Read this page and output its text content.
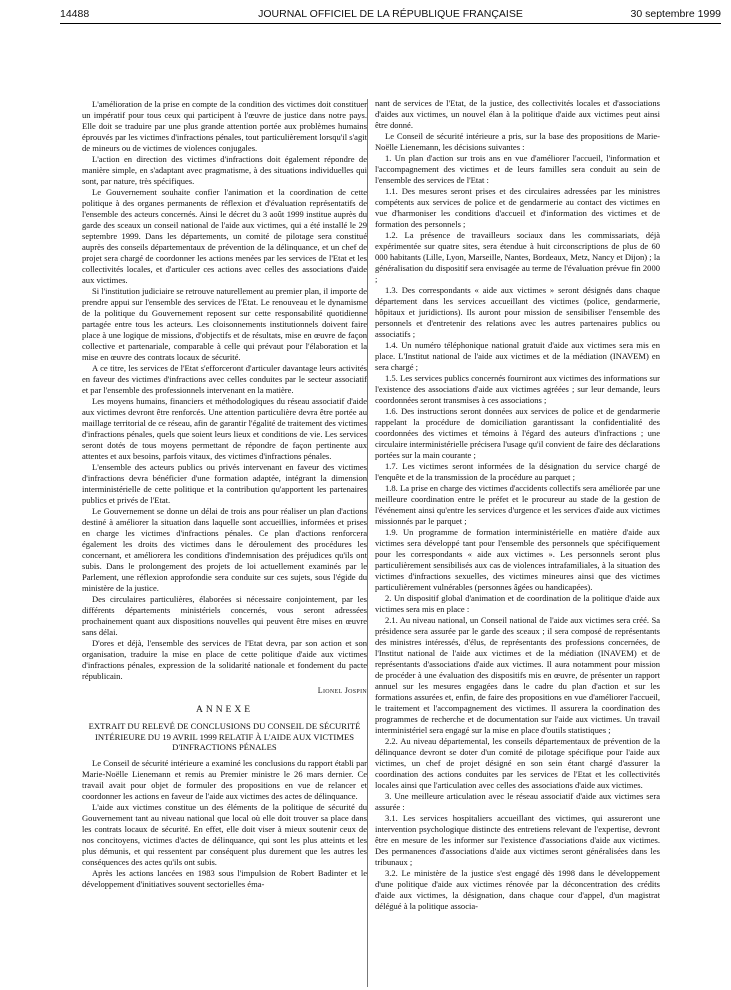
14488	JOURNAL OFFICIEL DE LA RÉPUBLIQUE FRANÇAISE	30 septembre 1999

L'amélioration de la prise en compte de la condition des victimes doit constituer un impératif pour tous ceux qui participent à l'œuvre de justice dans notre pays. Elle doit se traduire par une plus grande attention portée aux problèmes humains éprouvés par les victimes d'infractions pénales, tout particulièrement lorsqu'il s'agit de mineurs ou de victimes de violences conjugales.

L'action en direction des victimes d'infractions doit également répondre de manière simple, en s'adaptant avec pragmatisme, à des situations individuelles qui sont, par nature, très spécifiques.

Le Gouvernement souhaite confier l'animation et la coordination de cette politique à des organes permanents de réflexion et d'évaluation représentatifs de l'ensemble des acteurs concernés. Ainsi le décret du 3 août 1999 institue auprès du garde des sceaux un conseil national de l'aide aux victimes, qui a été installé le 29 septembre 1999. Dans les départements, un comité de pilotage sera constitué auprès des conseils départementaux de prévention de la délinquance, et un chef de projet sera chargé de coordonner les actions menées par les services de l'Etat et les collectivités locales, et d'articuler ces actions avec celles des associations d'aide aux victimes.

Si l'institution judiciaire se retrouve naturellement au premier plan, il importe de prendre appui sur l'ensemble des services de l'Etat. Le renouveau et le dynamisme de la politique du Gouvernement reposent sur cette responsabilité quotidienne partagée entre tous les acteurs. Les cloisonnements institutionnels doivent faire place à une logique de missions, d'objectifs et de résultats, mise en œuvre de façon collective et partenariale, comparable à celle qui prévaut pour l'élaboration et la mise en œuvre des contrats locaux de sécurité.

A ce titre, les services de l'Etat s'efforceront d'articuler davantage leurs activités en faveur des victimes d'infractions avec celles conduites par le secteur associatif et par l'ensemble des professionnels intervenant en la matière.

Les moyens humains, financiers et méthodologiques du réseau associatif d'aide aux victimes devront être renforcés. Une attention particulière devra être portée au maillage territorial de ce réseau, afin de garantir l'égalité de traitement des victimes d'infractions pénales, quels que soient leurs lieux et conditions de vie. Les services seront dotés de tous moyens permettant de répondre de façon pertinente aux attentes et aux besoins, parfois vitaux, des victimes d'infractions pénales.

L'ensemble des acteurs publics ou privés intervenant en faveur des victimes d'infractions devra bénéficier d'une formation adaptée, intégrant la dimension interministérielle de cette politique et la contribution qu'apportent les partenaires publics et privés de l'Etat.

Le Gouvernement se donne un délai de trois ans pour réaliser un plan d'actions destiné à améliorer la situation dans laquelle sont accueillies, informées et prises en charge les victimes d'infractions pénales. Ce plan d'actions renforcera également les droits des victimes dans le déroulement des procédures les concernant, et améliorera les conditions d'indemnisation des préjudices qu'ils ont subis. Dans le prolongement des projets de loi actuellement examinés par le Parlement, une réflexion approfondie sera conduite sur ces sujets, sous l'égide du ministère de la justice.

Des circulaires particulières, élaborées si nécessaire conjointement, par les différents départements ministériels concernés, vous seront adressées prochainement quant aux dispositions nouvelles qui peuvent être mises en œuvre sans délai.

D'ores et déjà, l'ensemble des services de l'Etat devra, par son action et son organisation, traduire la mise en place de cette politique d'aide aux victimes d'infractions pénales, expression de la solidarité nationale et fondement du pacte républicain.

Lionel Jospin
ANNEXE
EXTRAIT DU RELEVÉ DE CONCLUSIONS DU CONSEIL DE SÉCURITÉ INTÉRIEURE DU 19 AVRIL 1999 RELATIF À L'AIDE AUX VICTIMES D'INFRACTIONS PÉNALES

Le Conseil de sécurité intérieure a examiné les conclusions du rapport établi par Marie-Noëlle Lienemann et remis au Premier ministre le 26 mars dernier. Ce travail avait pour objet de formuler des propositions en vue de relancer et coordonner les actions en faveur de l'aide aux victimes des actes de délinquance.

L'aide aux victimes constitue un des éléments de la politique de sécurité du Gouvernement tant au niveau national que local où elle doit trouver sa place dans les contrats locaux de sécurité. En effet, elle doit viser à mieux soutenir ceux de nos concitoyens, victimes d'actes de délinquance, qui sont les plus atteints et les plus démunis, et qui ressentent par conséquent plus durement que les autres les conséquences des actes qu'ils ont subis.

Après les actions lancées en 1983 sous l'impulsion de Robert Badinter et le développement d'initiatives souvent sectorielles éma-

nant de services de l'Etat, de la justice, des collectivités locales et d'associations d'aides aux victimes, un nouvel élan à la politique d'aide aux victimes peut ainsi être donné.

Le Conseil de sécurité intérieure a pris, sur la base des propositions de Marie-Noëlle Lienemann, les décisions suivantes :

1. Un plan d'action sur trois ans en vue d'améliorer l'accueil, l'information et l'accompagnement des victimes et de leurs familles sera conduit au sein de l'ensemble des services de l'Etat :

1.1. Des mesures seront prises et des circulaires adressées par les ministres compétents aux services de police et de gendarmerie au contact des victimes en vue d'harmoniser les conditions d'accueil et d'information des victimes et de formation des personnels ;

1.2. La présence de travailleurs sociaux dans les commissariats, déjà expérimentée sur quatre sites, sera étendue à huit circonscriptions de plus de 60 000 habitants (Lille, Lyon, Marseille, Nantes, Bordeaux, Metz, Nancy et Dijon) ; la généralisation du dispositif sera envisagée au terme de l'évaluation prévue fin 2000 ;

1.3. Des correspondants « aide aux victimes » seront désignés dans chaque département dans les services accueillant des victimes (police, gendarmerie, hôpitaux et juridictions). Ils auront pour mission de sensibiliser l'ensemble des personnels et d'entretenir des relations avec les autres partenaires publics ou associatifs ;

1.4. Un numéro téléphonique national gratuit d'aide aux victimes sera mis en place. L'Institut national de l'aide aux victimes et de la médiation (INAVEM) en sera chargé ;

1.5. Les services publics concernés fourniront aux victimes des informations sur l'existence des associations d'aide aux victimes agréées ; sur leur demande, leurs coordonnées seront transmises à ces associations ;

1.6. Des instructions seront données aux services de police et de gendarmerie rappelant la procédure de domiciliation garantissant la confidentialité des coordonnées des victimes et témoins à l'égard des auteurs d'infractions ; une circulaire interministérielle précisera l'usage qu'il convient de faire des déclarations portées sur la main courante ;

1.7. Les victimes seront informées de la désignation du service chargé de l'enquête et de la transmission de la procédure au parquet ;

1.8. La prise en charge des victimes d'accidents collectifs sera améliorée par une meilleure coordination entre le préfet et le procureur au stade de la gestion de l'événement ainsi qu'entre les services d'urgence et les services d'aide aux victimes missionnés par le parquet ;

1.9. Un programme de formation interministérielle en matière d'aide aux victimes sera développé tant pour l'ensemble des personnels que spécifiquement pour les correspondants « aide aux victimes ». Les personnels seront plus particulièrement sensibilisés aux cas de violences intrafamiliales, à la situation des victimes d'infractions sexuelles, des victimes mineures ainsi que des victimes particulièrement vulnérables (personnes âgées ou handicapées).

2. Un dispositif global d'animation et de coordination de la politique d'aide aux victimes sera mis en place :

2.1. Au niveau national, un Conseil national de l'aide aux victimes sera créé. Sa présidence sera assurée par le garde des sceaux ; il sera composé de représentants des ministres intéressés, d'élus, de représentants des professions concernées, de l'Institut national de l'aide aux victimes et de la médiation (INAVEM) et de représentants d'associations d'aide aux victimes. Il aura notamment pour mission de procéder à une évaluation des dispositifs mis en œuvre, de présenter un rapport annuel sur les mesures engagées dans le cadre du plan d'action et sur les formations assurées et, enfin, de faire des propositions en vue d'améliorer l'accueil, le traitement et l'accompagnement des victimes. Il assurera la coordination des programmes de recherche et de documentation sur l'aide aux victimes. Un travail interministériel sera engagé sur la mise en place d'outils statistiques ;

2.2. Au niveau départemental, les conseils départementaux de prévention de la délinquance devront se doter d'un comité de pilotage spécifique pour l'aide aux victimes, un chef de projet désigné en son sein étant chargé d'assurer la coordination des actions conduites par les services de l'Etat et les collectivités locales ainsi que l'articulation avec celles des associations d'aide aux victimes.

3. Une meilleure articulation avec le réseau associatif d'aide aux victimes sera assurée :

3.1. Les services hospitaliers accueillant des victimes, qui assureront une intervention psychologique distincte des entretiens relevant de l'expertise, devront être en mesure de les informer sur l'existence d'associations d'aide aux victimes. Des permanences d'associations d'aide aux victimes seront généralisées dans les tribunaux ;

3.2. Le ministère de la justice s'est engagé dès 1998 dans le développement d'une politique d'aide aux victimes rénovée par la déconcentration des crédits d'aide aux victimes, la désignation, dans chaque cour d'appel, d'un magistrat délégué à la politique associa-
